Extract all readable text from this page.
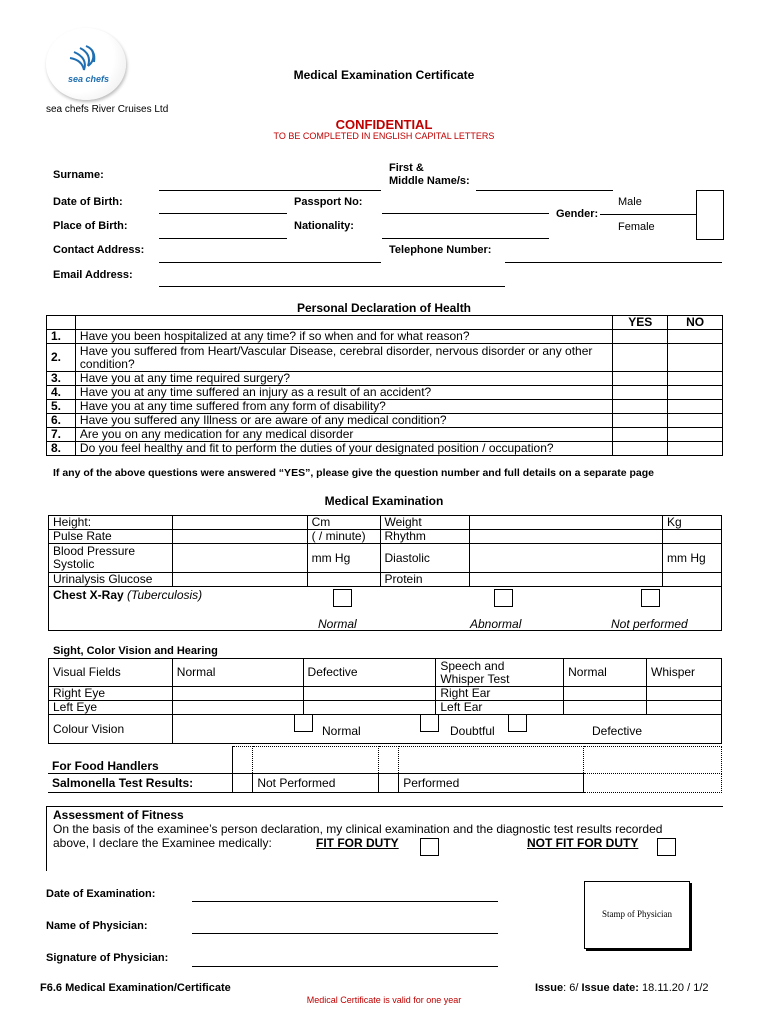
sea chefs
sea chefs River Cruises Ltd
Medical Examination Certificate
CONFIDENTIAL
TO BE COMPLETED IN ENGLISH CAPITAL LETTERS
Surname:
First &
Middle Name/s:
Date of Birth:	Passport No:
Gender:
Male
Female
Place of Birth:	Nationality:
Contact Address:	Telephone Number:
Email Address:
Personal Declaration of Health
		YES	NO
1.	Have you been hospitalized at any time? if so when and for what reason?		
2.	Have you suffered from Heart/Vascular Disease, cerebral disorder, nervous disorder or any other condition?		
3.	Have you at any time required surgery?		
4.	Have you at any time suffered an injury as a result of an accident?		
5.	Have you at any time suffered from any form of disability?		
6.	Have you suffered any Illness or are aware of any medical condition?		
7.	Are you on any medication for any medical disorder		
8.	Do you feel healthy and fit to perform the duties of your designated position / occupation?		
If any of the above questions were answered “YES”, please give the question number and full details on a separate page
Medical Examination
Height:		Cm	Weight		Kg
Pulse Rate		( / minute)	Rhythm		

Blood Pressure
Systolic		mm Hg	Diastolic		mm Hg
Urinalysis Glucose			Protein		
Chest X-Ray (Tuberculosis)					
Normal	Abnormal	Not performed
Sight, Color Vision and Hearing
Visual Fields	Normal	Defective	Speech and
Whisper Test	Normal	Whisper
Right Eye			Right Ear		
Left Eye			Left Ear		
Colour Vision						Normal	Doubtful	Defective
For Food Handlers					
Salmonella Test Results:		Not Performed		Performed	
Assessment of Fitness
On the basis of the examinee’s person declaration, my clinical examination and the diagnostic test results recorded
above, I declare the Examinee medically:	FIT FOR DUTY	NOT FIT FOR DUTY
Date of Examination:
Name of Physician:
Signature of Physician:
Stamp of Physician
F6.6 Medical Examination/Certificate	Issue: 6/ Issue date: 18.11.20 / 1/2
Medical Certificate is valid for one year
